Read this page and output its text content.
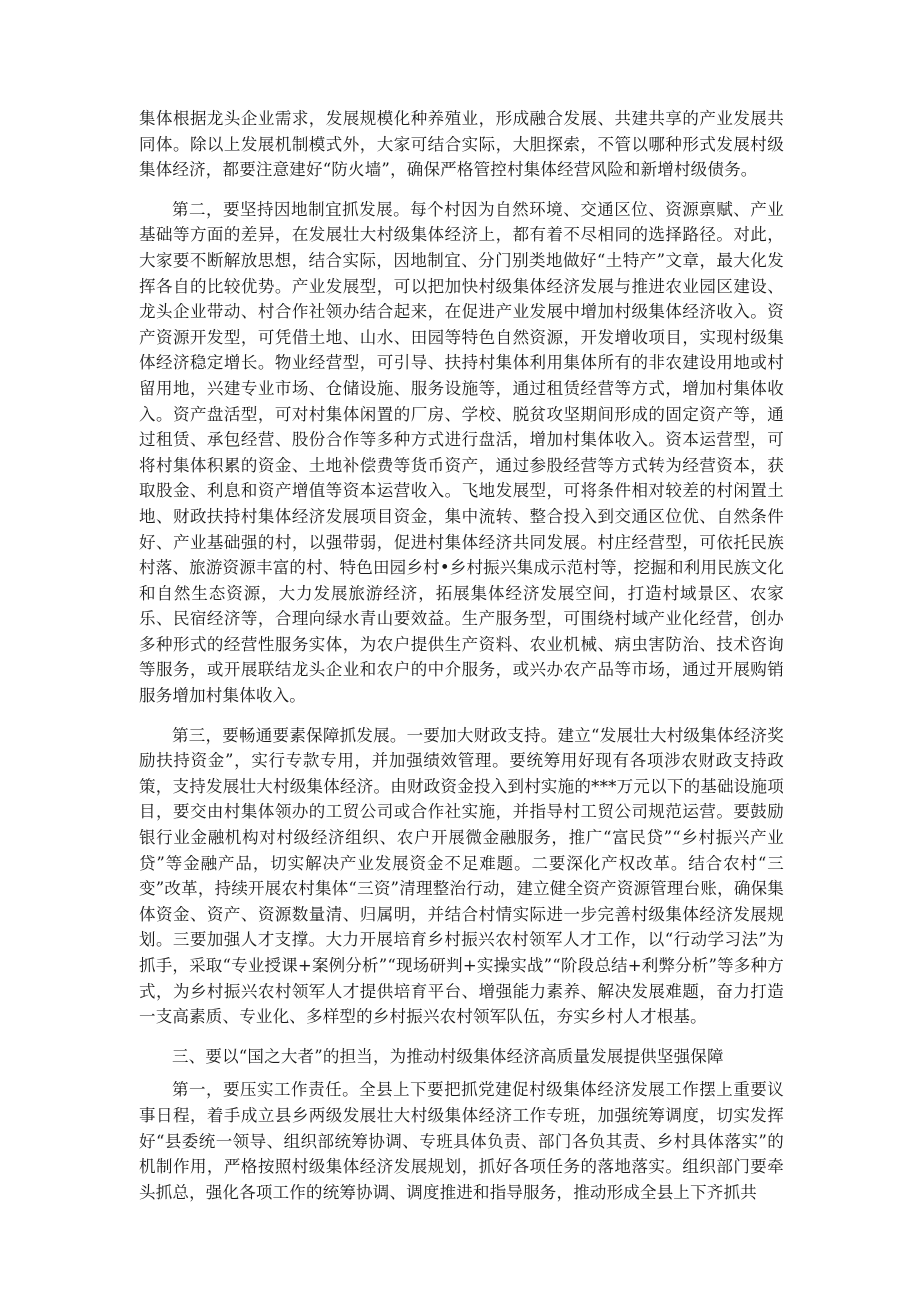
集体根据龙头企业需求，发展规模化种养殖业，形成融合发展、共建共享的产业发展共同体。除以上发展机制模式外，大家可结合实际，大胆探索，不管以哪种形式发展村级集体经济，都要注意建好“防火墙”，确保严格管控村集体经营风险和新增村级债务。

第二，要坚持因地制宜抓发展。每个村因为自然环境、交通区位、资源禀赋、产业基础等方面的差异，在发展壮大村级集体经济上，都有着不尽相同的选择路径。对此，大家要不断解放思想，结合实际，因地制宜、分门别类地做好“土特产”文章，最大化发挥各自的比较优势。产业发展型，可以把加快村级集体经济发展与推进农业园区建设、龙头企业带动、村合作社领办结合起来，在促进产业发展中增加村级集体经济收入。资产资源开发型，可凭借土地、山水、田园等特色自然资源，开发增收项目，实现村级集体经济稳定增长。物业经营型，可引导、扶持村集体利用集体所有的非农建设用地或村留用地，兴建专业市场、仓储设施、服务设施等，通过租赁经营等方式，增加村集体收入。资产盘活型，可对村集体闲置的厂房、学校、脱贫攻坚期间形成的固定资产等，通过租赁、承包经营、股份合作等多种方式进行盘活，增加村集体收入。资本运营型，可将村集体积累的资金、土地补偿费等货币资产，通过参股经营等方式转为经营资本，获取股金、利息和资产增值等资本运营收入。飞地发展型，可将条件相对较差的村闲置土地、财政扶持村集体经济发展项目资金，集中流转、整合投入到交通区位优、自然条件好、产业基础强的村，以强带弱，促进村集体经济共同发展。村庄经营型，可依托民族村落、旅游资源丰富的村、特色田园乡村•乡村振兴集成示范村等，挖掘和利用民族文化和自然生态资源，大力发展旅游经济，拓展集体经济发展空间，打造村域景区、农家乐、民宿经济等，合理向绿水青山要效益。生产服务型，可围绕村域产业化经营，创办多种形式的经营性服务实体，为农户提供生产资料、农业机械、病虫害防治、技术咨询等服务，或开展联结龙头企业和农户的中介服务，或兴办农产品等市场，通过开展购销服务增加村集体收入。

第三，要畅通要素保障抓发展。一要加大财政支持。建立“发展壮大村级集体经济奖励扶持资金”，实行专款专用，并加强绩效管理。要统筹用好现有各项涉农财政支持政策，支持发展壮大村级集体经济。由财政资金投入到村实施的***万元以下的基础设施项目，要交由村集体领办的工贸公司或合作社实施，并指导村工贸公司规范运营。要鼓励银行业金融机构对村级经济组织、农户开展微金融服务，推广“富民贷”“乡村振兴产业贷”等金融产品，切实解决产业发展资金不足难题。二要深化产权改革。结合农村“三变”改革，持续开展农村集体“三资”清理整治行动，建立健全资产资源管理台账，确保集体资金、资产、资源数量清、归属明，并结合村情实际进一步完善村级集体经济发展规划。三要加强人才支撑。大力开展培育乡村振兴农村领军人才工作，以“行动学习法”为抓手，采取“专业授课+案例分析”“现场研判+实操实战”“阶段总结+利弊分析”等多种方式，为乡村振兴农村领军人才提供培育平台、增强能力素养、解决发展难题，奋力打造一支高素质、专业化、多样型的乡村振兴农村领军队伍，夯实乡村人才根基。

三、要以“国之大者”的担当，为推动村级集体经济高质量发展提供坚强保障

第一，要压实工作责任。全县上下要把抓党建促村级集体经济发展工作摆上重要议事日程，着手成立县乡两级发展壮大村级集体经济工作专班，加强统筹调度，切实发挥好“县委统一领导、组织部统筹协调、专班具体负责、部门各负其责、乡村具体落实”的机制作用，严格按照村级集体经济发展规划，抓好各项任务的落地落实。组织部门要牵头抓总，强化各项工作的统筹协调、调度推进和指导服务，推动形成全县上下齐抓共
